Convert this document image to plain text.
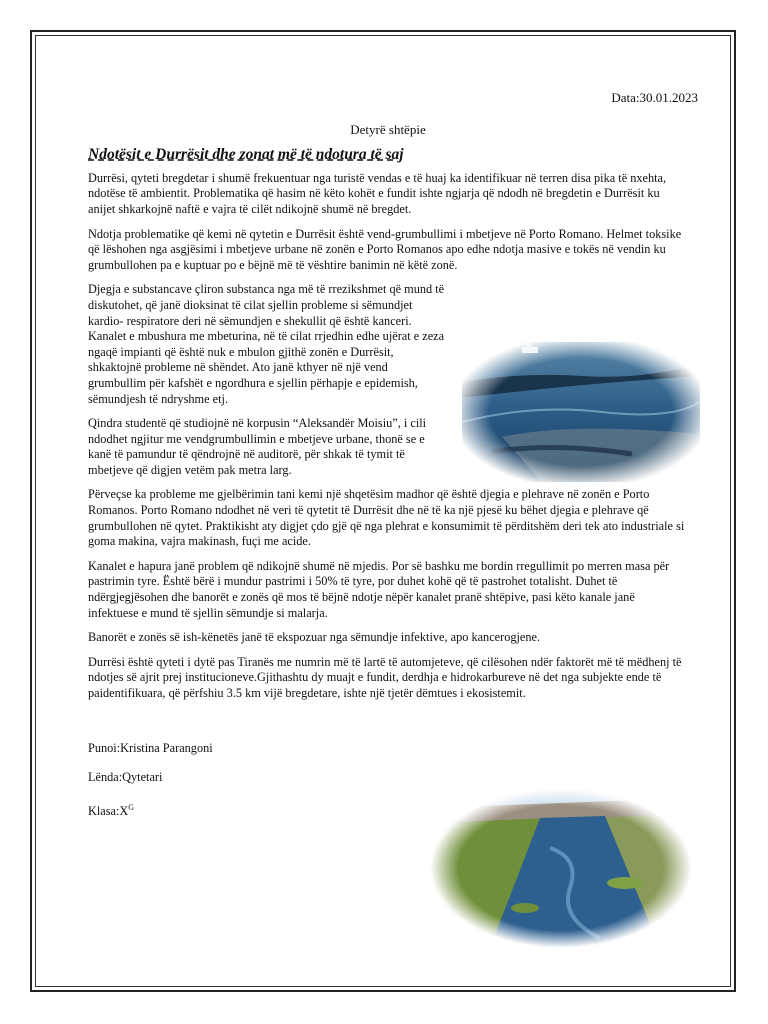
Data:30.01.2023
Detyrë shtëpie
Ndotësit e Durrësit dhe zonat më të ndotura të saj

Durrësi, qyteti bregdetar i shumë frekuentuar nga turistë vendas e të huaj ka identifikuar në terren disa pika të nxehta, ndotëse të ambientit. Problematika që hasim në këto kohët e fundit ishte ngjarja që ndodh në bregdetin e Durrësit ku anijet shkarkojnë naftë e vajra të cilët ndikojnë shumë në bregdet.

Ndotja problematike që kemi në qytetin e Durrësit është vend-grumbullimi i mbetjeve në Porto Romano. Helmet toksike që lëshohen nga asgjësimi i mbetjeve urbane në zonën e Porto Romanos apo edhe ndotja masive e tokës në vendin ku grumbullohen pa e kuptuar po e bëjnë më të vështire banimin në këtë zonë.

Djegja e substancave çliron substanca nga më të rrezikshmet që mund të diskutohet, që janë dioksinat të cilat sjellin probleme si sëmundjet kardio- respiratore deri në sëmundjen e shekullit që është kanceri. Kanalet e mbushura me mbeturina, në të cilat rrjedhin edhe ujërat e zeza ngaqë impianti që është nuk e mbulon gjithë zonën e Durrësit, shkaktojnë probleme në shëndet. Ato janë kthyer në një vend grumbullim për kafshët e ngordhura e sjellin përhapje e epidemish, sëmundjesh të ndryshme etj.

Qindra studentë që studiojnë në korpusin “Aleksandër Moisiu”, i cili ndodhet ngjitur me vendgrumbullimin e mbetjeve urbane, thonë se e kanë të pamundur të qëndrojnë në auditorë, për shkak të tymit të mbetjeve që digjen vetëm pak metra larg.

Përveçse ka probleme me gjelbërimin tani kemi një shqetësim madhor që është djegia e plehrave në zonën e Porto Romanos. Porto Romano ndodhet në veri të qytetit të Durrësit dhe në të ka një pjesë ku bëhet djegia e plehrave që grumbullohen në qytet. Praktikisht aty digjet çdo gjë që nga plehrat e konsumimit të përditshëm deri tek ato industriale si goma makina, vajra makinash, fuçi me acide.

Kanalet e hapura janë problem që ndikojnë shumë në mjedis. Por së bashku me bordin rregullimit po merren masa për pastrimin tyre. Është bërë i mundur pastrimi i 50% të tyre, por duhet kohë që të pastrohet totalisht. Duhet të ndërgjegjësohen dhe banorët e zonës që mos të bëjnë ndotje nëpër kanalet pranë shtëpive, pasi këto kanale janë infektuese e mund të sjellin sëmundje si malarja.

Banorët e zonës së ish-kënetës janë të ekspozuar nga sëmundje infektive, apo kancerogjene.

Durrësi është qyteti i dytë pas Tiranës me numrin më të lartë të automjeteve, që cilësohen ndër faktorët më të mëdhenj të ndotjes së ajrit prej institucioneve.Gjithashtu dy muajt e fundit, derdhja e hidrokarbureve në det nga subjekte ende të paidentifikuara, që përfshiu 3.5 km vijë bregdetare, ishte një tjetër dëmtues i ekosistemit.

Punoi:Kristina Parangoni
Lënda:Qytetari
$Klasa:X^G$
